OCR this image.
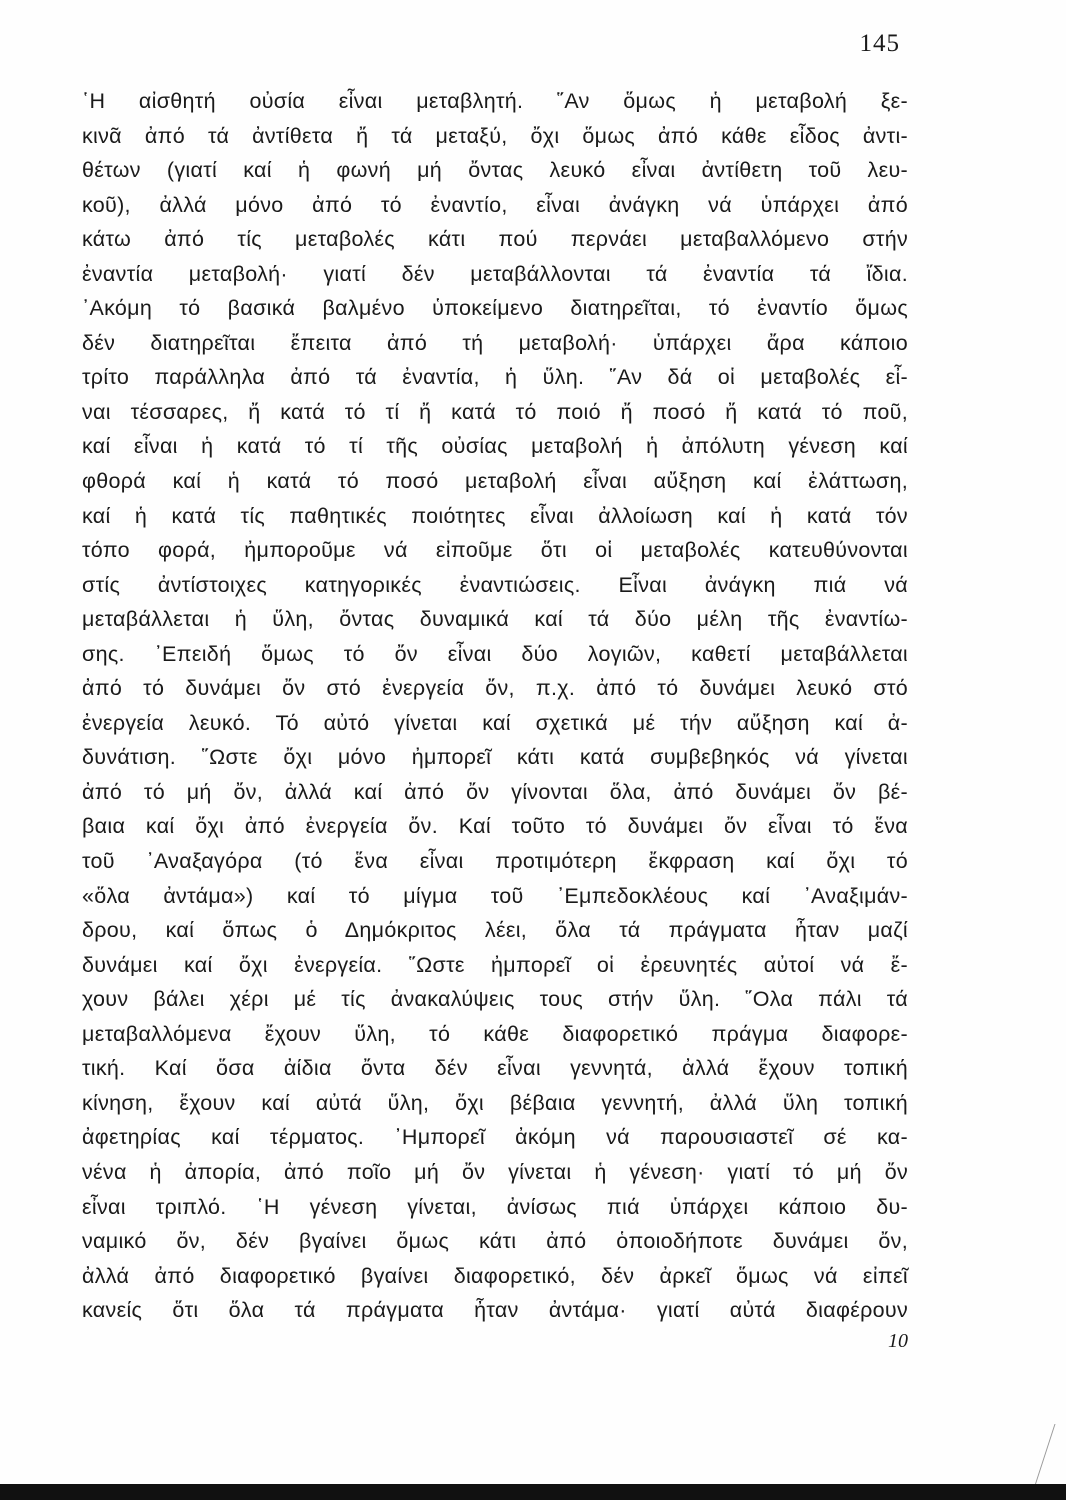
145
῾Η αἰσθητή οὐσία εἶναι μεταβλητή. ῞Αν ὅμως ἡ μεταβολή ξε-
κινᾶ ἀπό τά ἀντίθετα ἤ τά μεταξύ, ὄχι ὅμως ἀπό κάθε εἶδος ἀντι-
θέτων (γιατί καί ἡ φωνή μή ὄντας λευκό εἶναι ἀντίθετη τοῦ λευ-
κοῦ), ἀλλά μόνο ἀπό τό ἐναντίο, εἶναι ἀνάγκη νά ὑπάρχει ἀπό
κάτω ἀπό τίς μεταβολές κάτι πού περνάει μεταβαλλόμενο στήν
ἐναντία μεταβολή· γιατί δέν μεταβάλλονται τά ἐναντία τά ἴδια.
᾿Ακόμη τό βασικά βαλμένο ὑποκείμενο διατηρεῖται, τό ἐναντίο ὅμως
δέν διατηρεῖται ἔπειτα ἀπό τή μεταβολή· ὑπάρχει ἄρα κάποιο
τρίτο παράλληλα ἀπό τά ἐναντία, ἡ ὕλη. ῞Αν δά οἱ μεταβολές εἶ-
ναι τέσσαρες, ἤ κατά τό τί ἤ κατά τό ποιό ἤ ποσό ἤ κατά τό ποῦ,
καί εἶναι ἡ κατά τό τί τῆς οὐσίας μεταβολή ἡ ἀπόλυτη γένεση καί
φθορά καί ἡ κατά τό ποσό μεταβολή εἶναι αὔξηση καί ἐλάττωση,
καί ἡ κατά τίς παθητικές ποιότητες εἶναι ἀλλοίωση καί ἡ κατά τόν
τόπο φορά, ἠμποροῦμε νά εἰποῦμε ὅτι οἱ μεταβολές κατευθύνονται
στίς ἀντίστοιχες κατηγορικές ἐναντιώσεις. Εἶναι ἀνάγκη πιά νά
μεταβάλλεται ἡ ὕλη, ὄντας δυναμικά καί τά δύο μέλη τῆς ἐναντίω-
σης. ᾿Επειδή ὅμως τό ὄν εἶναι δύο λογιῶν, καθετί μεταβάλλεται
ἀπό τό δυνάμει ὄν στό ἐνεργεία ὄν, π.χ. ἀπό τό δυνάμει λευκό στό
ἐνεργεία λευκό. Τό αὐτό γίνεται καί σχετικά μέ τήν αὔξηση καί ἀ-
δυνάτιση. ῞Ωστε ὄχι μόνο ἠμπορεῖ κάτι κατά συμβεβηκός νά γίνεται
ἀπό τό μή ὄν, ἀλλά καί ἀπό ὄν γίνονται ὅλα, ἀπό δυνάμει ὄν βέ-
βαια καί ὄχι ἀπό ἐνεργεία ὄν. Καί τοῦτο τό δυνάμει ὄν εἶναι τό ἕνα
τοῦ ᾿Αναξαγόρα (τό ἕνα εἶναι προτιμότερη ἔκφραση καί ὄχι τό
«ὅλα ἀντάμα») καί τό μίγμα τοῦ ᾿Εμπεδοκλέους καί ᾿Αναξιμάν-
δρου, καί ὅπως ὁ Δημόκριτος λέει, ὅλα τά πράγματα ἦταν μαζί
δυνάμει καί ὄχι ἐνεργεία. ῞Ωστε ἠμπορεῖ οἱ ἐρευνητές αὐτοί νά ἔ-
χουν βάλει χέρι μέ τίς ἀνακαλύψεις τους στήν ὕλη. ῞Ολα πάλι τά
μεταβαλλόμενα ἔχουν ὕλη, τό κάθε διαφορετικό πράγμα διαφορε-
τική. Καί ὅσα ἀίδια ὄντα δέν εἶναι γεννητά, ἀλλά ἔχουν τοπική
κίνηση, ἔχουν καί αὐτά ὕλη, ὄχι βέβαια γεννητή, ἀλλά ὕλη τοπική
ἀφετηρίας καί τέρματος. ᾿Ημπορεῖ ἀκόμη νά παρουσιαστεῖ σέ κα-
νένα ἡ ἀπορία, ἀπό ποῖο μή ὄν γίνεται ἡ γένεση· γιατί τό μή ὄν
εἶναι τριπλό. ῾Η γένεση γίνεται, ἀνίσως πιά ὑπάρχει κάποιο δυ-
ναμικό ὄν, δέν βγαίνει ὅμως κάτι ἀπό ὁποιοδήποτε δυνάμει ὄν,
ἀλλά ἀπό διαφορετικό βγαίνει διαφορετικό, δέν ἀρκεῖ ὅμως νά εἰπεῖ
κανείς ὅτι ὅλα τά πράγματα ἦταν ἀντάμα· γιατί αὐτά διαφέρουν
10
